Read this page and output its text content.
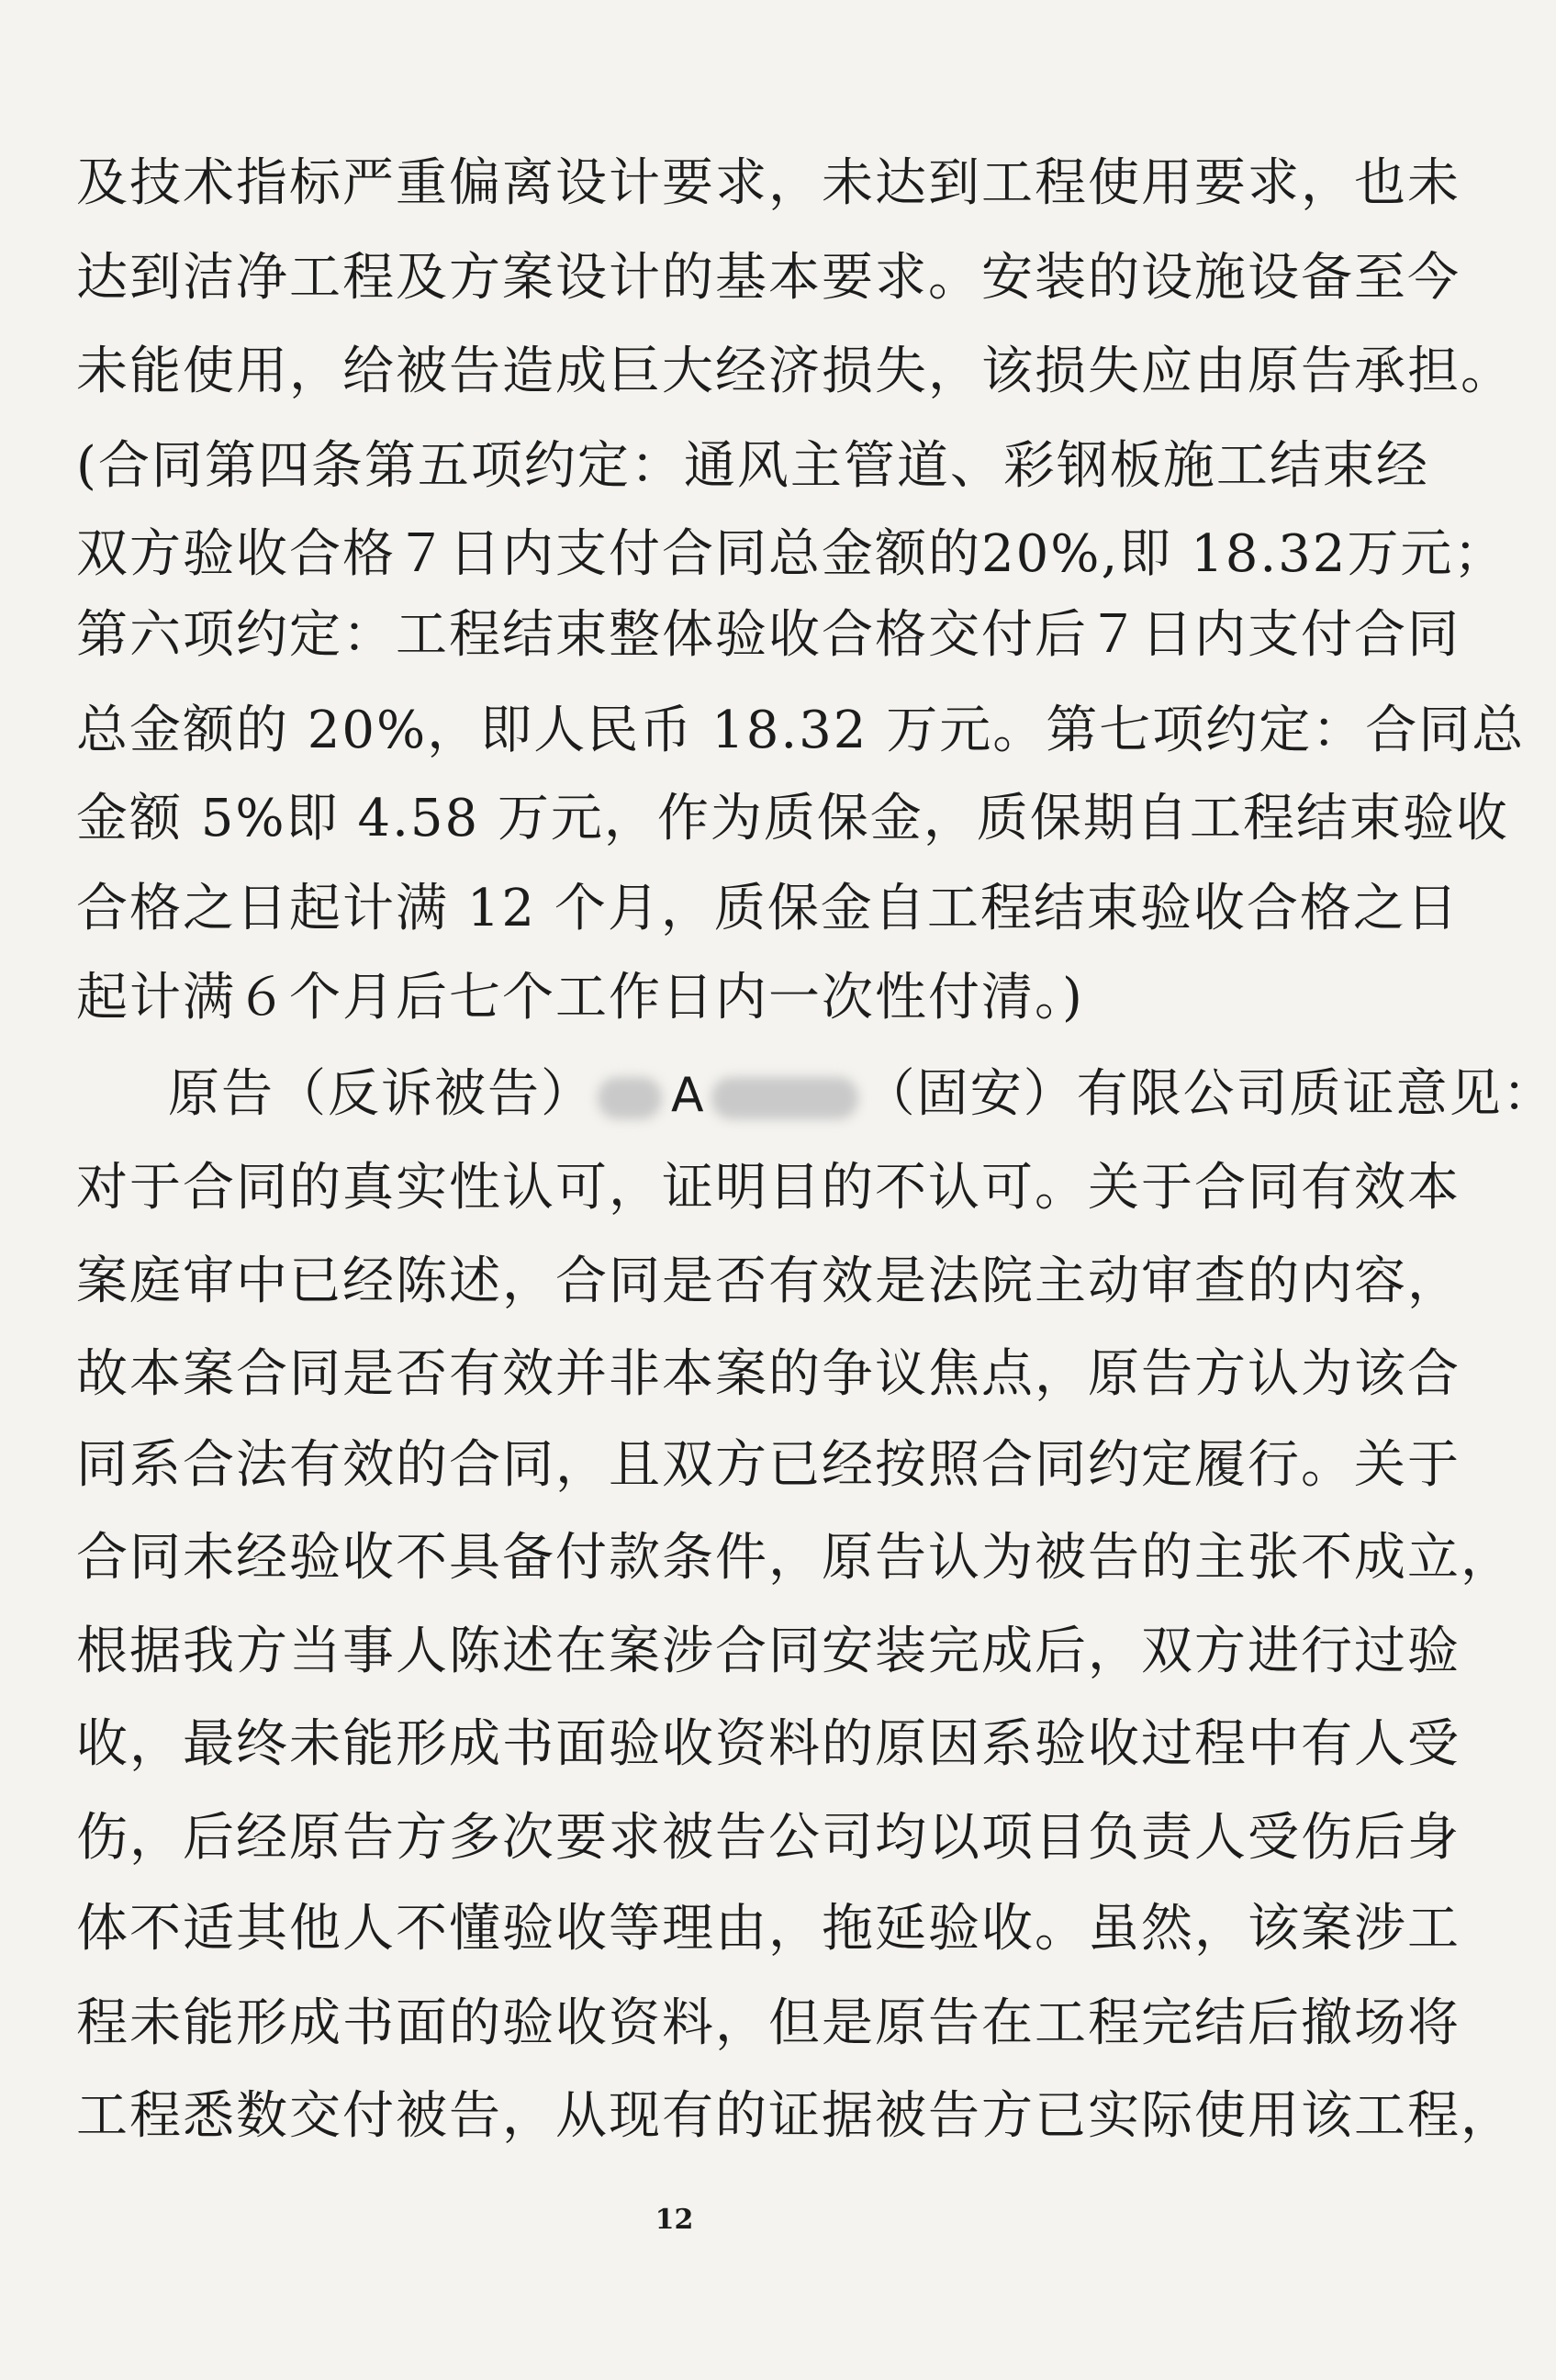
及技术指标严重偏离设计要求，未达到工程使用要求，也未
达到洁净工程及方案设计的基本要求。安装的设施设备至今
未能使用，给被告造成巨大经济损失，该损失应由原告承担。
(合同第四条第五项约定：通风主管道、彩钢板施工结束经
双方验收合格７日内支付合同总金额的20%,即 18.32万元；
第六项约定：工程结束整体验收合格交付后７日内支付合同
总金额的 20%，即人民币 18.32 万元。第七项约定：合同总
金额 5%即 4.58 万元，作为质保金，质保期自工程结束验收
合格之日起计满 12 个月，质保金自工程结束验收合格之日
起计满６个月后七个工作日内一次性付清。)
原告（反诉被告） A	（固安）有限公司质证意见：
对于合同的真实性认可，证明目的不认可。关于合同有效本
案庭审中已经陈述，合同是否有效是法院主动审查的内容，
故本案合同是否有效并非本案的争议焦点，原告方认为该合
同系合法有效的合同，且双方已经按照合同约定履行。关于
合同未经验收不具备付款条件，原告认为被告的主张不成立，
根据我方当事人陈述在案涉合同安装完成后，双方进行过验
收，最终未能形成书面验收资料的原因系验收过程中有人受
伤，后经原告方多次要求被告公司均以项目负责人受伤后身
体不适其他人不懂验收等理由，拖延验收。虽然，该案涉工
程未能形成书面的验收资料，但是原告在工程完结后撤场将
工程悉数交付被告，从现有的证据被告方已实际使用该工程，
12
